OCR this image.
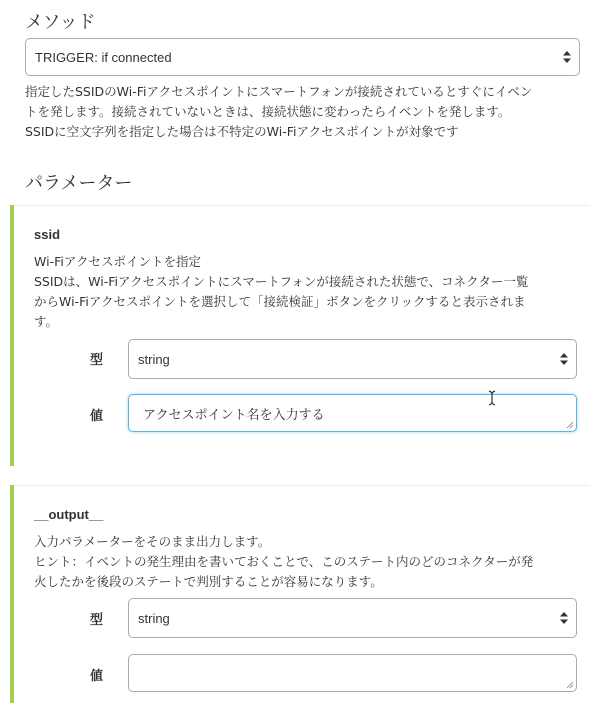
メソッド
TRIGGER: if connected
指定したSSIDのWi-Fiアクセスポイントにスマートフォンが接続されているとすぐにイベン
トを発します。接続されていないときは、接続状態に変わったらイベントを発します。
SSIDに空文字列を指定した場合は不特定のWi-Fiアクセスポイントが対象です
パラメーター
ssid
Wi-Fiアクセスポイントを指定
SSIDは、Wi-Fiアクセスポイントにスマートフォンが接続された状態で、コネクター一覧
からWi-Fiアクセスポイントを選択して「接続検証」ボタンをクリックすると表示されま
す。
型	string
値	アクセスポイント名を入力する
__output__
入力パラメーターをそのまま出力します。
ヒント：イベントの発生理由を書いておくことで、このステート内のどのコネクターが発
火したかを後段のステートで判別することが容易になります。
型	string
値
